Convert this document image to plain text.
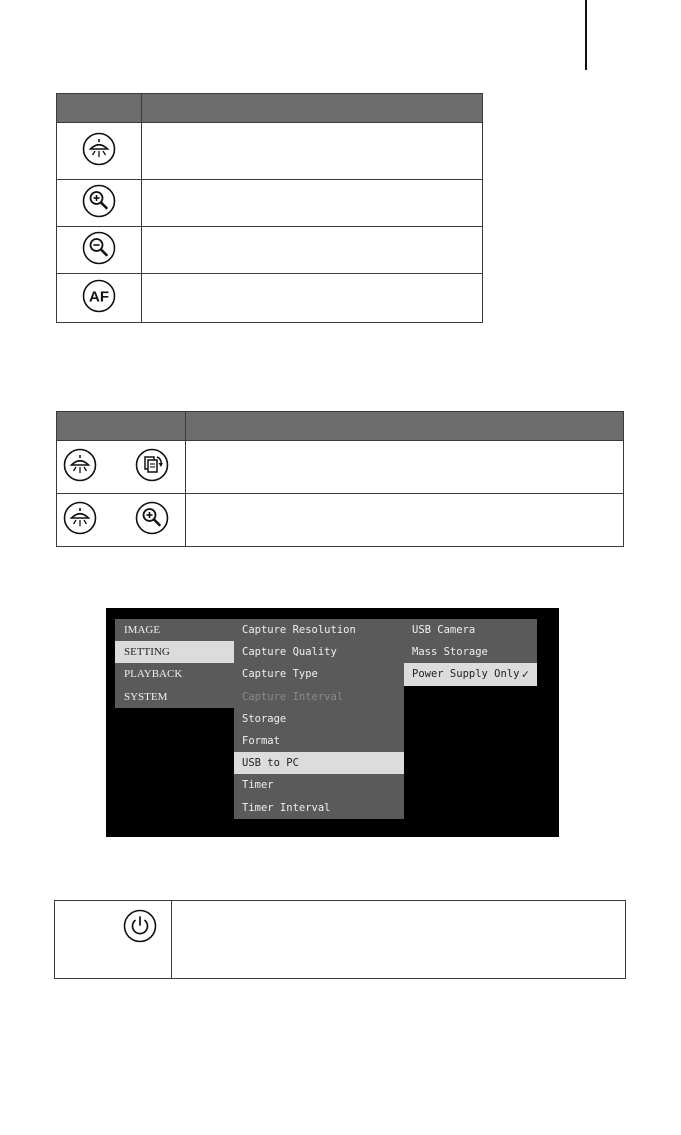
AF	

IMAGE
SETTING
PLAYBACK
SYSTEM
Capture Resolution
Capture Quality
Capture Type
Capture Interval
Storage
Format
USB to PC
Timer
Timer Interval
USB Camera
Mass Storage
Power Supply Only ✓
